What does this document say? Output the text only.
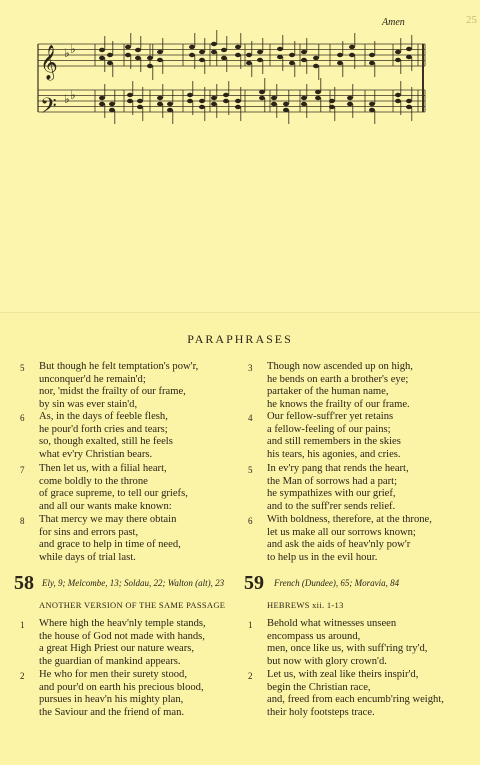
Amen	25
𝄞
𝄢
♭ ♭
♭ ♭
PARAPHRASES
5 But though he felt temptation's pow'r,
unconquer'd he remain'd;
nor, 'midst the frailty of our frame,
by sin was ever stain'd,
6 As, in the days of feeble flesh,
he pour'd forth cries and tears;
so, though exalted, still he feels
what ev'ry Christian bears.
7 Then let us, with a filial heart,
come boldly to the throne
of grace supreme, to tell our griefs,
and all our wants make known:
8 That mercy we may there obtain
for sins and errors past,
and grace to help in time of need,
while days of trial last.
58 Ely, 9; Melcombe, 13; Soldau, 22; Walton (alt), 23
ANOTHER VERSION OF THE SAME PASSAGE
1 Where high the heav'nly temple stands,
the house of God not made with hands,
a great High Priest our nature wears,
the guardian of mankind appears.
2 He who for men their surety stood,
and pour'd on earth his precious blood,
pursues in heav'n his mighty plan,
the Saviour and the friend of man.
3 Though now ascended up on high,
he bends on earth a brother's eye;
partaker of the human name,
he knows the frailty of our frame.
4 Our fellow-suff'rer yet retains
a fellow-feeling of our pains;
and still remembers in the skies
his tears, his agonies, and cries.
5 In ev'ry pang that rends the heart,
the Man of sorrows had a part;
he sympathizes with our grief,
and to the suff'rer sends relief.
6 With boldness, therefore, at the throne,
let us make all our sorrows known;
and ask the aids of heav'nly pow'r
to help us in the evil hour.
59 French (Dundee), 65; Moravia, 84
HEBREWS xii. 1-13
1 Behold what witnesses unseen
encompass us around,
men, once like us, with suff'ring try'd,
but now with glory crown'd.
2 Let us, with zeal like theirs inspir'd,
begin the Christian race,
and, freed from each encumb'ring weight,
their holy footsteps trace.
